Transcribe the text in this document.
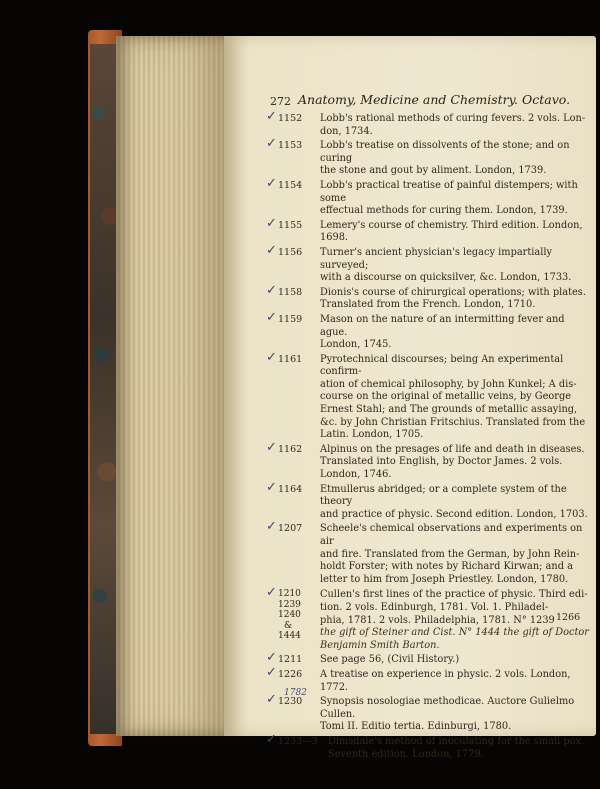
272 Anatomy, Medicine and Chemistry. Octavo.
✓ 1152 Lobb's rational methods of curing fevers. 2 vols. Lon-
don, 1734.
✓ 1153 Lobb's treatise on dissolvents of the stone; and on curing
the stone and gout by aliment. London, 1739.
✓ 1154 Lobb's practical treatise of painful distempers; with some
effectual methods for curing them. London, 1739.
✓ 1155 Lemery's course of chemistry. Third edition. London,
1698.
✓ 1156 Turner's ancient physician's legacy impartially surveyed;
with a discourse on quicksilver, &c. London, 1733.
✓ 1158 Dionis's course of chirurgical operations; with plates.
Translated from the French. London, 1710.
✓ 1159 Mason on the nature of an intermitting fever and ague.
London, 1745.
✓ 1161 Pyrotechnical discourses; being An experimental confirm-
ation of chemical philosophy, by John Kunkel; A dis-
course on the original of metallic veins, by George
Ernest Stahl; and The grounds of metallic assaying,
&c. by John Christian Fritschius. Translated from the
Latin. London, 1705.
✓ 1162 Alpinus on the presages of life and death in diseases.
Translated into English, by Doctor James. 2 vols.
London, 1746.
✓ 1164 Etmullerus abridged; or a complete system of the theory
and practice of physic. Second edition. London, 1703.
✓ 1207 Scheele's chemical observations and experiments on air
and fire. Translated from the German, by John Rein-
holdt Forster; with notes by Richard Kirwan; and a
letter to him from Joseph Priestley. London, 1780.
✓ 1210
1239
1240
&
1444
Cullen's first lines of the practice of physic. Third edi-
tion. 2 vols. Edinburgh, 1781. Vol. 1. Philadel-
phia, 1781. 2 vols. Philadelphia, 1781. N° 1239
the gift of Steiner and Cist. N° 1444 the gift of Doctor
Benjamin Smith Barton.
✓ 1211 See page 56, (Civil History.)
✓ 1226 A treatise on experience in physic. 2 vols. London,
1772.
✓ 1782
1230 Synopsis nosologiae methodicae. Auctore Gulielmo Cullen.
Tomi II. Editio tertia. Edinburgi, 1780.
✓ 1233—3 Dimsdale's method of inoculating for the small pox.
Seventh edition. London, 1779.
1266
